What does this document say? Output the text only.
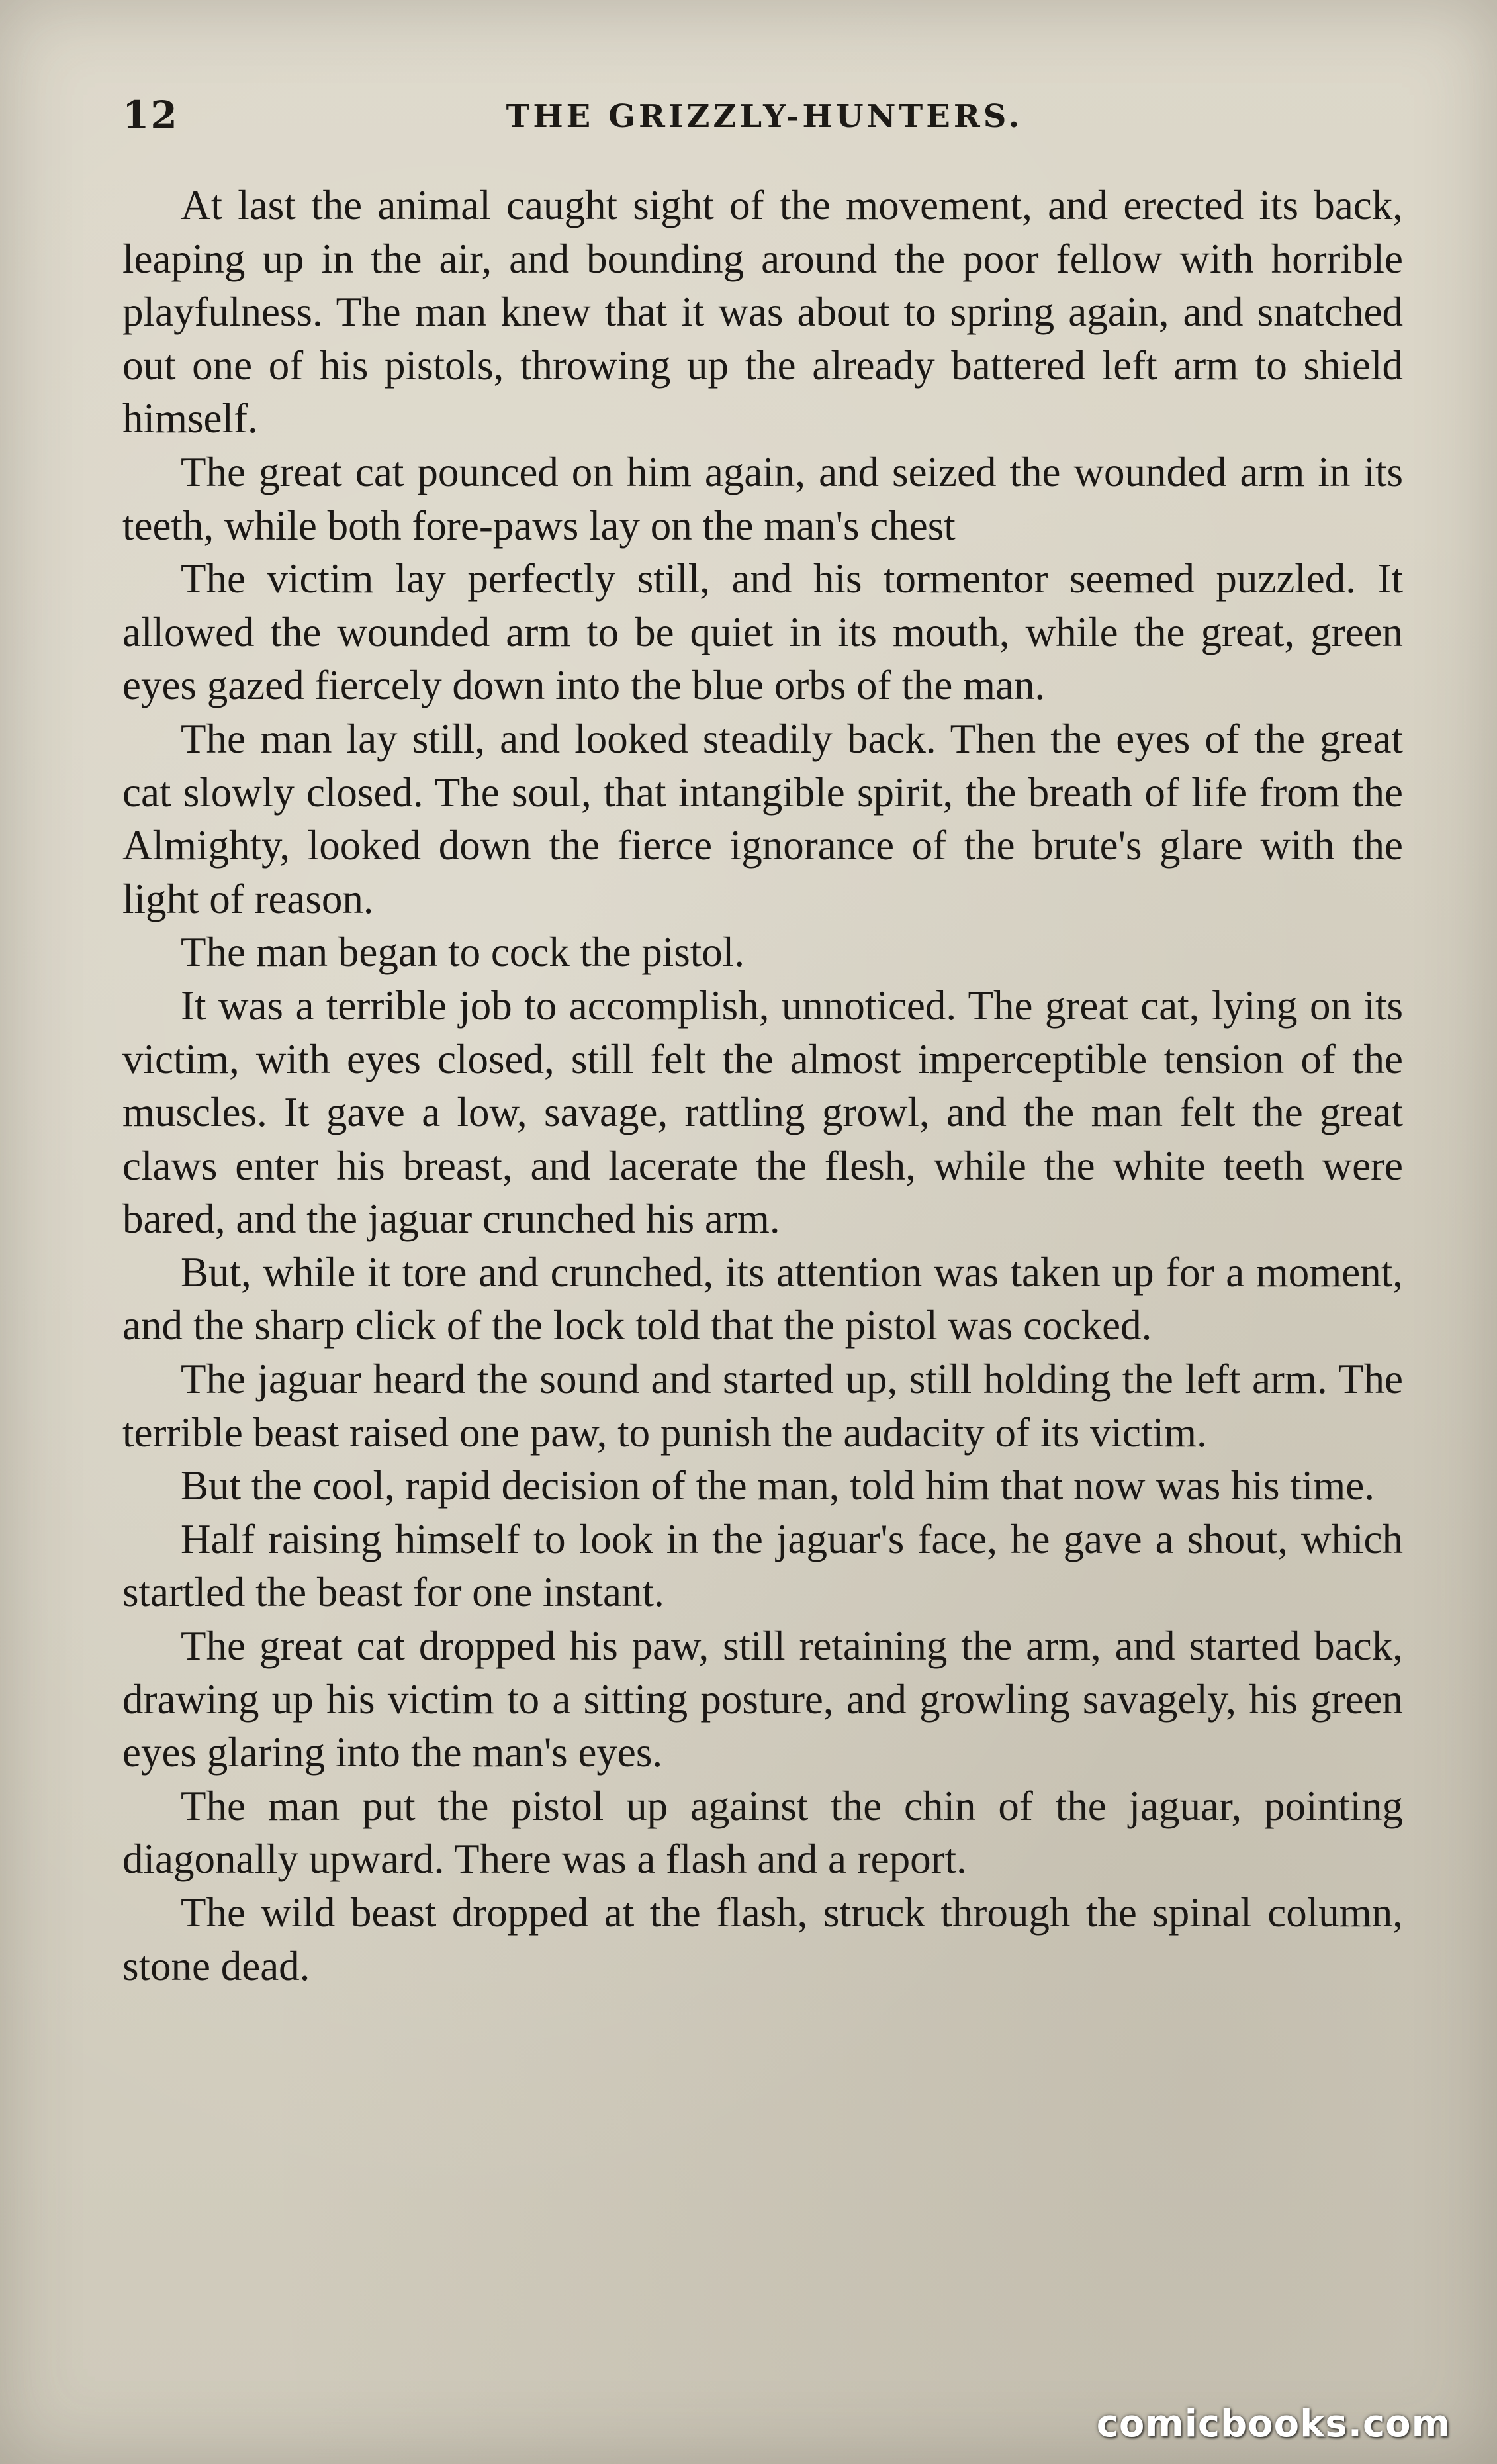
12	THE GRIZZLY-HUNTERS.

At last the animal caught sight of the movement, and erected its back, leaping up in the air, and bounding around the poor fellow with horrible playfulness. The man knew that it was about to spring again, and snatched out one of his pistols, throwing up the already battered left arm to shield himself.

The great cat pounced on him again, and seized the wounded arm in its teeth, while both fore-paws lay on the man's chest

The victim lay perfectly still, and his tormentor seemed puzzled. It allowed the wounded arm to be quiet in its mouth, while the great, green eyes gazed fiercely down into the blue orbs of the man.

The man lay still, and looked steadily back. Then the eyes of the great cat slowly closed. The soul, that intangible spirit, the breath of life from the Almighty, looked down the fierce ignorance of the brute's glare with the light of reason.

The man began to cock the pistol.

It was a terrible job to accomplish, unnoticed. The great cat, lying on its victim, with eyes closed, still felt the almost imperceptible tension of the muscles. It gave a low, savage, rattling growl, and the man felt the great claws enter his breast, and lacerate the flesh, while the white teeth were bared, and the jaguar crunched his arm.

But, while it tore and crunched, its attention was taken up for a moment, and the sharp click of the lock told that the pistol was cocked.

The jaguar heard the sound and started up, still holding the left arm. The terrible beast raised one paw, to punish the audacity of its victim.

But the cool, rapid decision of the man, told him that now was his time.

Half raising himself to look in the jaguar's face, he gave a shout, which startled the beast for one instant.

The great cat dropped his paw, still retaining the arm, and started back, drawing up his victim to a sitting posture, and growling savagely, his green eyes glaring into the man's eyes.

The man put the pistol up against the chin of the jaguar, pointing diagonally upward. There was a flash and a report.

The wild beast dropped at the flash, struck through the spinal column, stone dead.

comicbooks.com
